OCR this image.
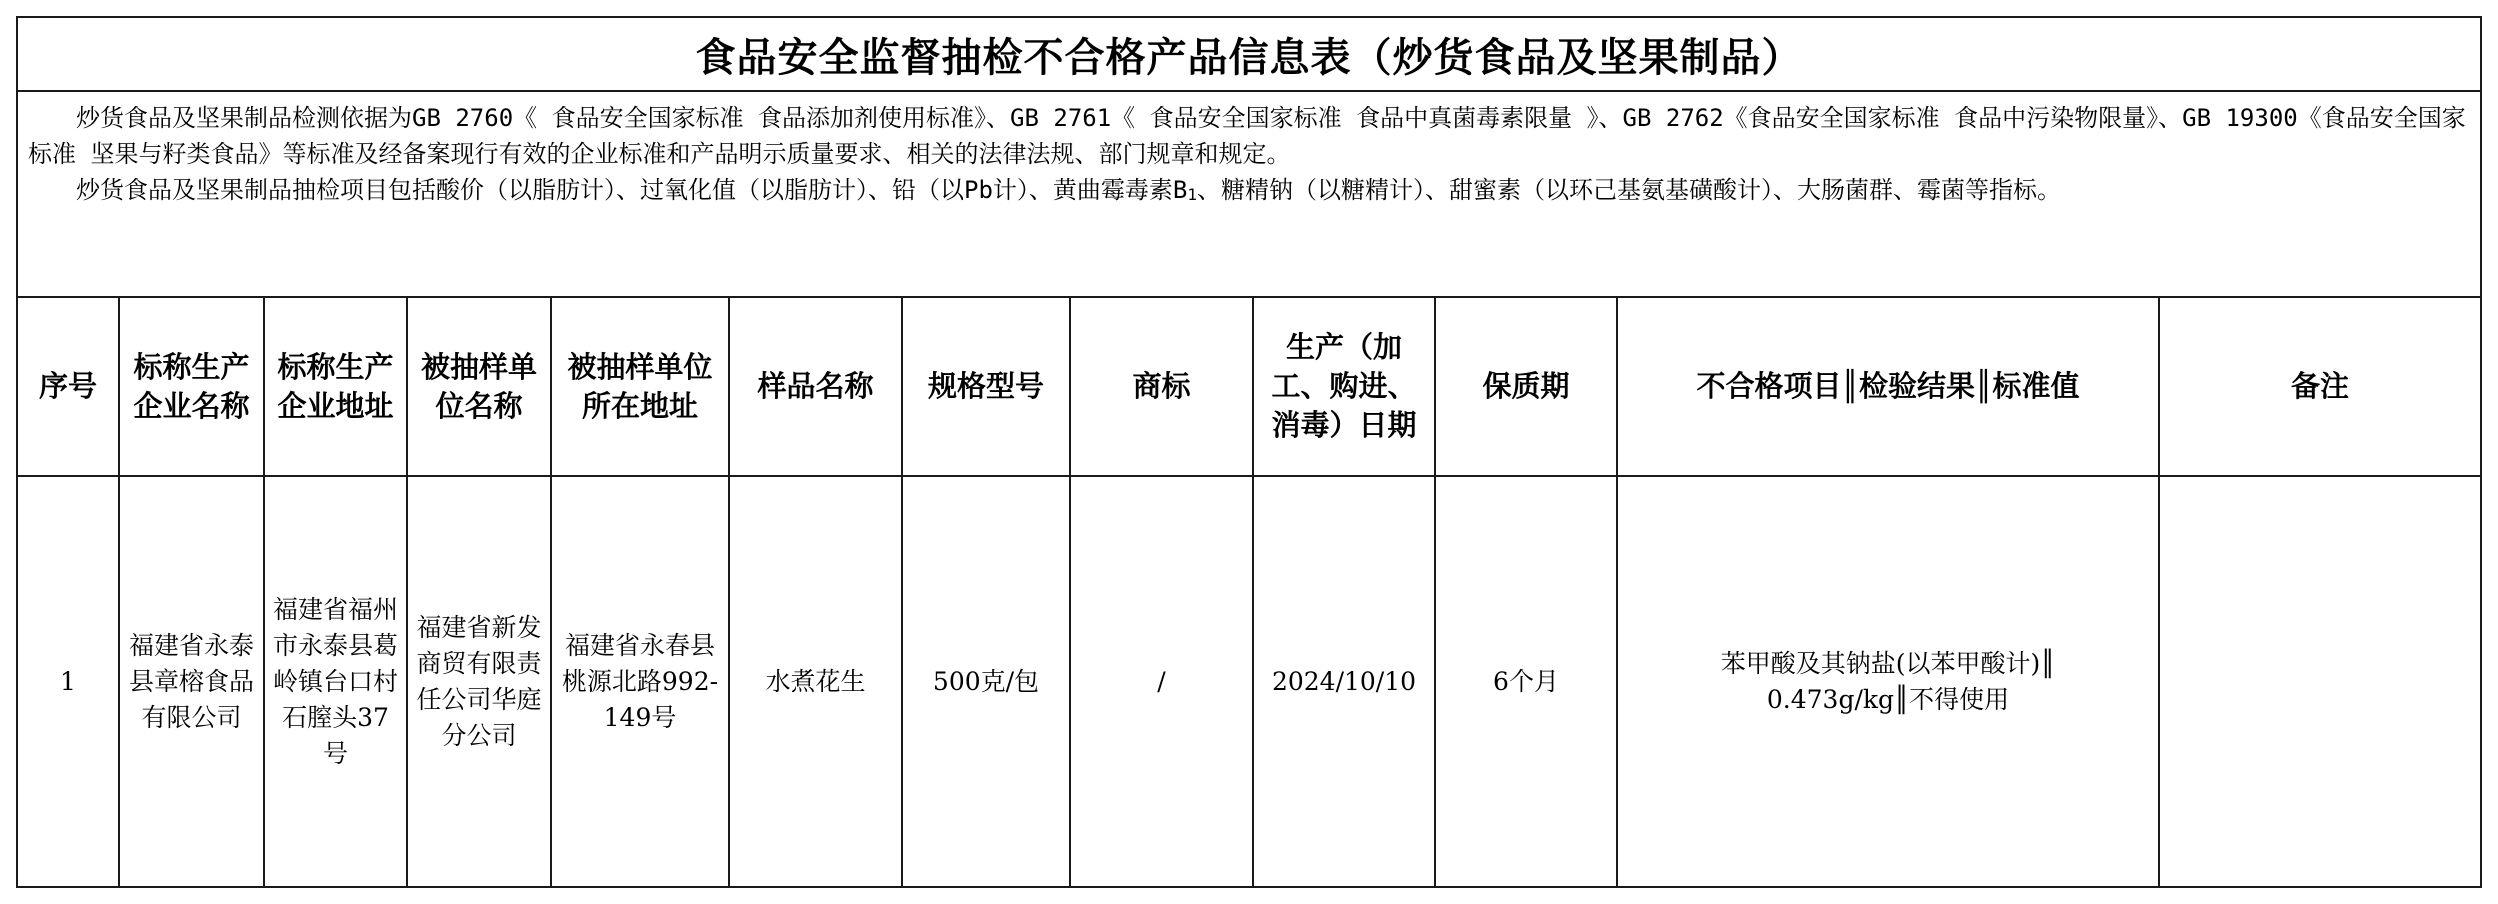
食品安全监督抽检不合格产品信息表（炒货食品及坚果制品）

炒货食品及坚果制品检测依据为GB 2760《 食品安全国家标准 食品添加剂使用标准》、GB 2761《 食品安全国家标准 食品中真菌毒素限量 》、GB 2762《食品安全国家标准 食品中污染物限量》、GB 19300《食品安全国家标准 坚果与籽类食品》等标准及经备案现行有效的企业标准和产品明示质量要求、相关的法律法规、部门规章和规定。

炒货食品及坚果制品抽检项目包括酸价（以脂肪计）、过氧化值（以脂肪计）、铅（以Pb计）、黄曲霉毒素$B_1$、糖精钠（以糖精计）、甜蜜素（以环己基氨基磺酸计）、大肠菌群、霉菌等指标。

序号	标称生产企业名称	标称生产企业地址	被抽样单位名称	被抽样单位所在地址	样品名称	规格型号	商标	生产（加工、购进、消毒）日期	保质期	不合格项目║检验结果║标准值	备注
1	福建省永泰县章榕食品有限公司	福建省福州市永泰县葛岭镇台口村石膣头37号	福建省新发商贸有限责任公司华庭分公司	福建省永春县桃源北路992-149号	水煮花生	500克/包	/	2024/10/10	6个月	苯甲酸及其钠盐(以苯甲酸计)║
0.473g/kg║不得使用	
